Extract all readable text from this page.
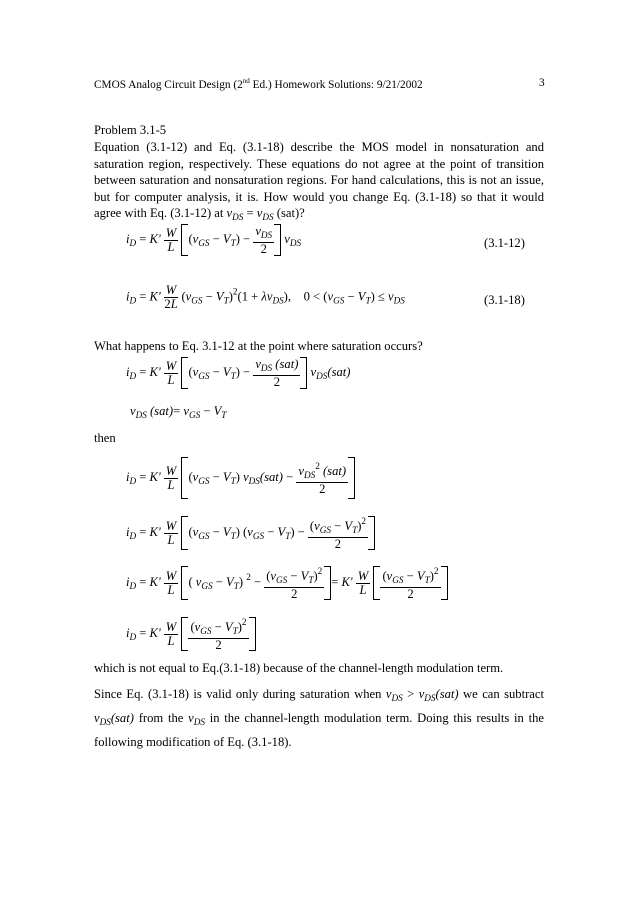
CMOS Analog Circuit Design (2nd Ed.) Homework Solutions: 9/21/2002	3
Problem 3.1-5
Equation (3.1-12) and Eq. (3.1-18) describe the MOS model in nonsaturation and saturation region, respectively. These equations do not agree at the point of transition between saturation and nonsaturation regions. For hand calculations, this is not an issue, but for computer analysis, it is. How would you change Eq. (3.1-18) so that it would agree with Eq. (3.1-12) at $v_{DS} = v_{DS}$ (sat)?
$i_D = K' \frac{W}{L} (v_{GS} - V_T) - \frac{v_{DS}}{2} v_{DS}$	(3.1-12)
$i_D = K' \frac{W}{2L} (v_{GS} - V_T)^2(1 + \lambda v_{DS})$,    $0 < (v_{GS} - V_T) \le v_{DS}$	(3.1-18)
What happens to Eq. 3.1-12 at the point where saturation occurs?
$i_D = K' \frac{W}{L} (v_{GS} - V_T) - \frac{v_{DS} (sat)}{2} v_{DS}(sat)$
$v_{DS}$ $(sat)= v_{GS} - V_T$
then
$i_D = K' \frac{W}{L} (v_{GS} - V_T) v_{DS}(sat) - \frac{v_{DS}^2 (sat)}{2}$
$i_D = K' \frac{W}{L} (v_{GS} - V_T) (v_{GS} - V_T) - \frac{(v_{GS} - V_T)^2}{2}$
$i_D = K' \frac{W}{L}$ ( $v_{GS} - V_T$) $^2 - \frac{(v_{GS} - V_T)^2}{2} = K' \frac{W}{L}$
$\frac{(v_{GS} - V_T)^2}{2}$
$i_D = K' \frac{W}{L}$
$\frac{(v_{GS} - V_T)^2}{2}$
which is not equal to Eq.(3.1-18) because of the channel-length modulation term.
Since Eq. (3.1-18) is valid only during saturation when $v_{DS} > v_{DS}(sat)$ we can subtract $v_{DS}(sat)$ from the $v_{DS}$ in the channel-length modulation term. Doing this results in the following modification of Eq. (3.1-18).
